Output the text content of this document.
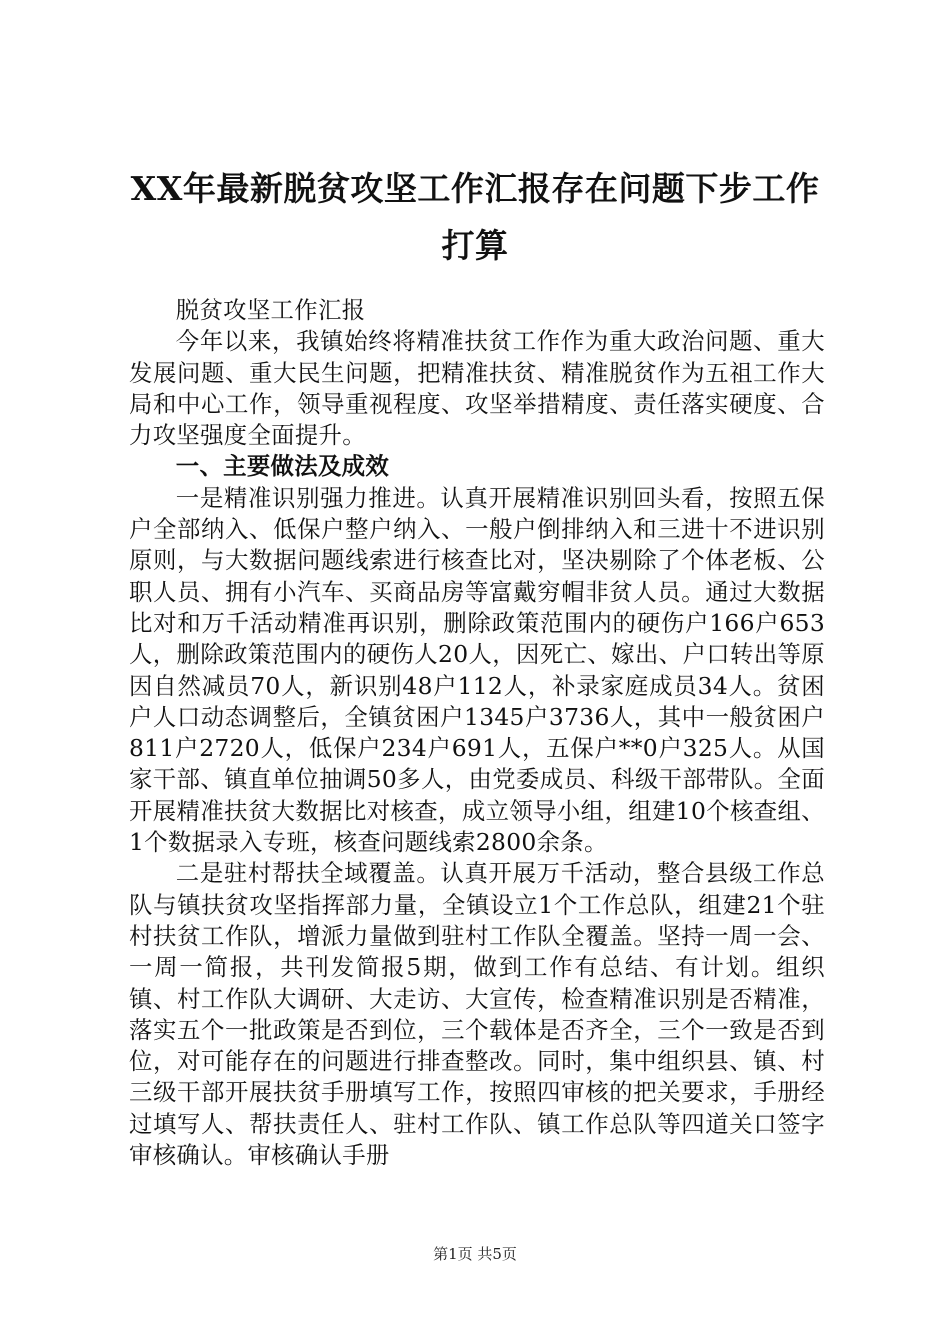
XX年最新脱贫攻坚工作汇报存在问题下步工作打算

脱贫攻坚工作汇报

今年以来，我镇始终将精准扶贫工作作为重大政治问题、重大发展问题、重大民生问题，把精准扶贫、精准脱贫作为五祖工作大局和中心工作，领导重视程度、攻坚举措精度、责任落实硬度、合力攻坚强度全面提升。

一、主要做法及成效

一是精准识别强力推进。认真开展精准识别回头看，按照五保户全部纳入、低保户整户纳入、一般户倒排纳入和三进十不进识别原则，与大数据问题线索进行核查比对，坚决剔除了个体老板、公职人员、拥有小汽车、买商品房等富戴穷帽非贫人员。通过大数据比对和万千活动精准再识别，删除政策范围内的硬伤户166户653人，删除政策范围内的硬伤人20人，因死亡、嫁出、户口转出等原因自然减员70人，新识别48户112人，补录家庭成员34人。贫困户人口动态调整后，全镇贫困户1345户3736人，其中一般贫困户811户2720人，低保户234户691人，五保户**0户325人。从国家干部、镇直单位抽调50多人，由党委成员、科级干部带队。全面开展精准扶贫大数据比对核查，成立领导小组，组建10个核查组、1个数据录入专班，核查问题线索2800余条。

二是驻村帮扶全域覆盖。认真开展万千活动，整合县级工作总队与镇扶贫攻坚指挥部力量，全镇设立1个工作总队，组建21个驻村扶贫工作队，增派力量做到驻村工作队全覆盖。坚持一周一会、一周一简报，共刊发简报5期，做到工作有总结、有计划。组织镇、村工作队大调研、大走访、大宣传，检查精准识别是否精准，落实五个一批政策是否到位，三个载体是否齐全，三个一致是否到位，对可能存在的问题进行排查整改。同时，集中组织县、镇、村三级干部开展扶贫手册填写工作，按照四审核的把关要求，手册经过填写人、帮扶责任人、驻村工作队、镇工作总队等四道关口签字审核确认。审核确认手册

第1页 共5页
